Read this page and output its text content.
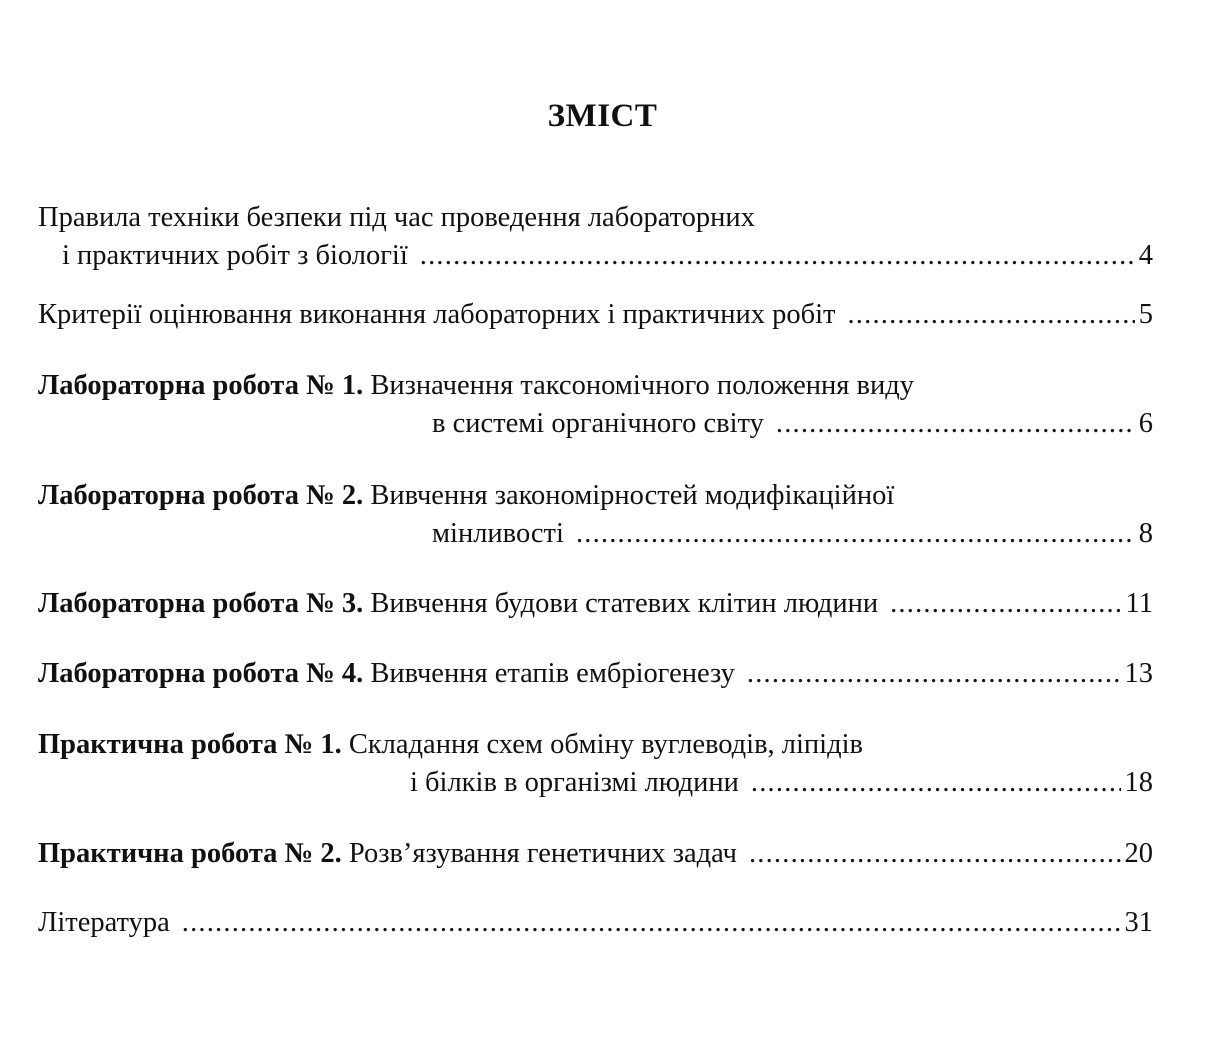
ЗМІСТ
Правила техніки безпеки під час проведення лабораторних
і практичних робіт з біології .....	4
Критерії оцінювання виконання лабораторних і практичних робіт .....	5
Лабораторна робота № 1. Визначення таксономічного положення виду
в системі органічного світу .....	6
Лабораторна робота № 2. Вивчення закономірностей модифікаційної
мінливості .....	8
Лабораторна робота № 3. Вивчення будови статевих клітин людини .....	11
Лабораторна робота № 4. Вивчення етапів ембріогенезу .....	13
Практична робота № 1. Складання схем обміну вуглеводів, ліпідів
і білків в організмі людини .....	18
Практична робота № 2. Розв’язування генетичних задач .....	20
Література .....	31
